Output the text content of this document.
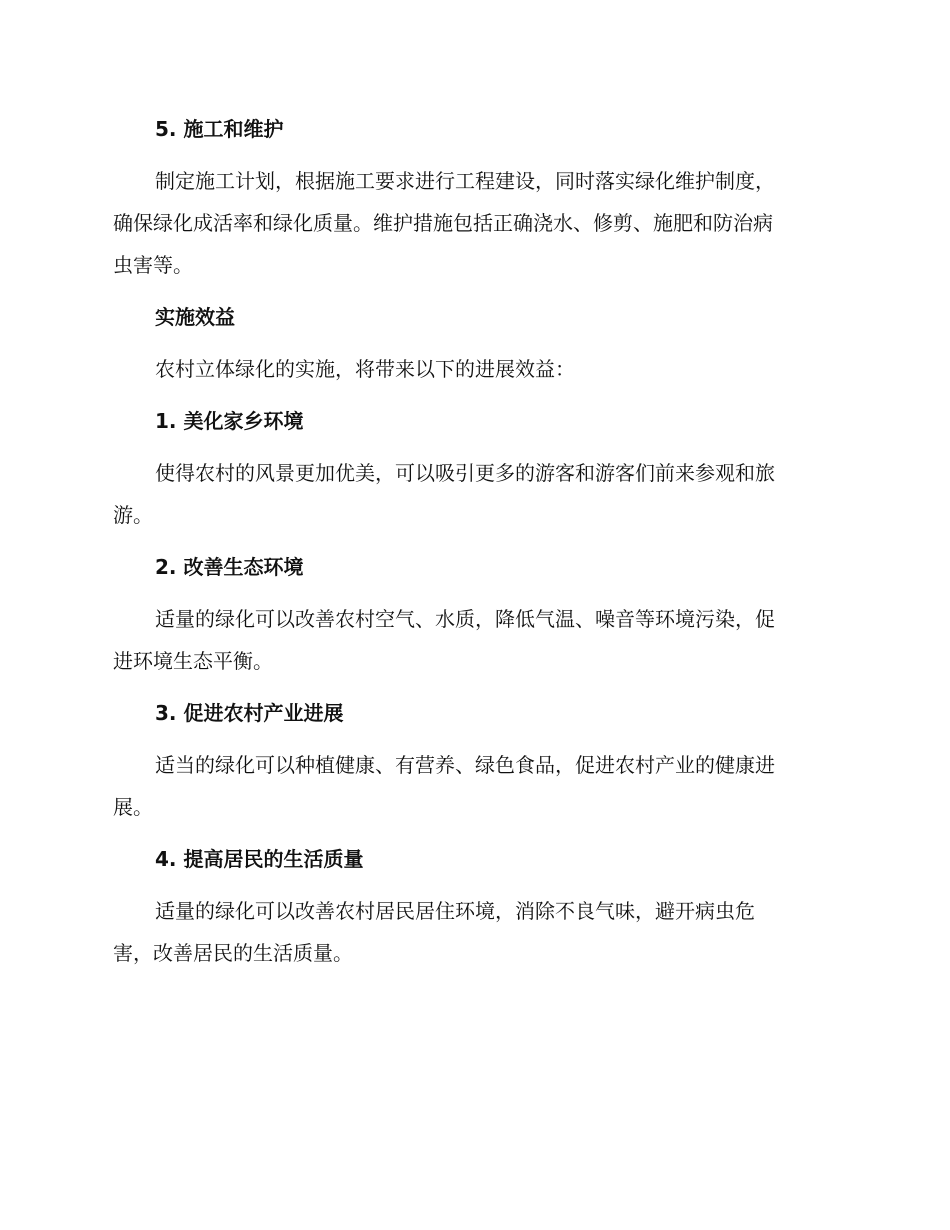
5. 施工和维护
制定施工计划，根据施工要求进行工程建设，同时落实绿化维护制度，
确保绿化成活率和绿化质量。维护措施包括正确浇水、修剪、施肥和防治病
虫害等。
实施效益
农村立体绿化的实施，将带来以下的进展效益：
1. 美化家乡环境
使得农村的风景更加优美，可以吸引更多的游客和游客们前来参观和旅
游。
2. 改善生态环境
适量的绿化可以改善农村空气、水质，降低气温、噪音等环境污染，促
进环境生态平衡。
3. 促进农村产业进展
适当的绿化可以种植健康、有营养、绿色食品，促进农村产业的健康进
展。
4. 提高居民的生活质量
适量的绿化可以改善农村居民居住环境，消除不良气味，避开病虫危
害，改善居民的生活质量。
